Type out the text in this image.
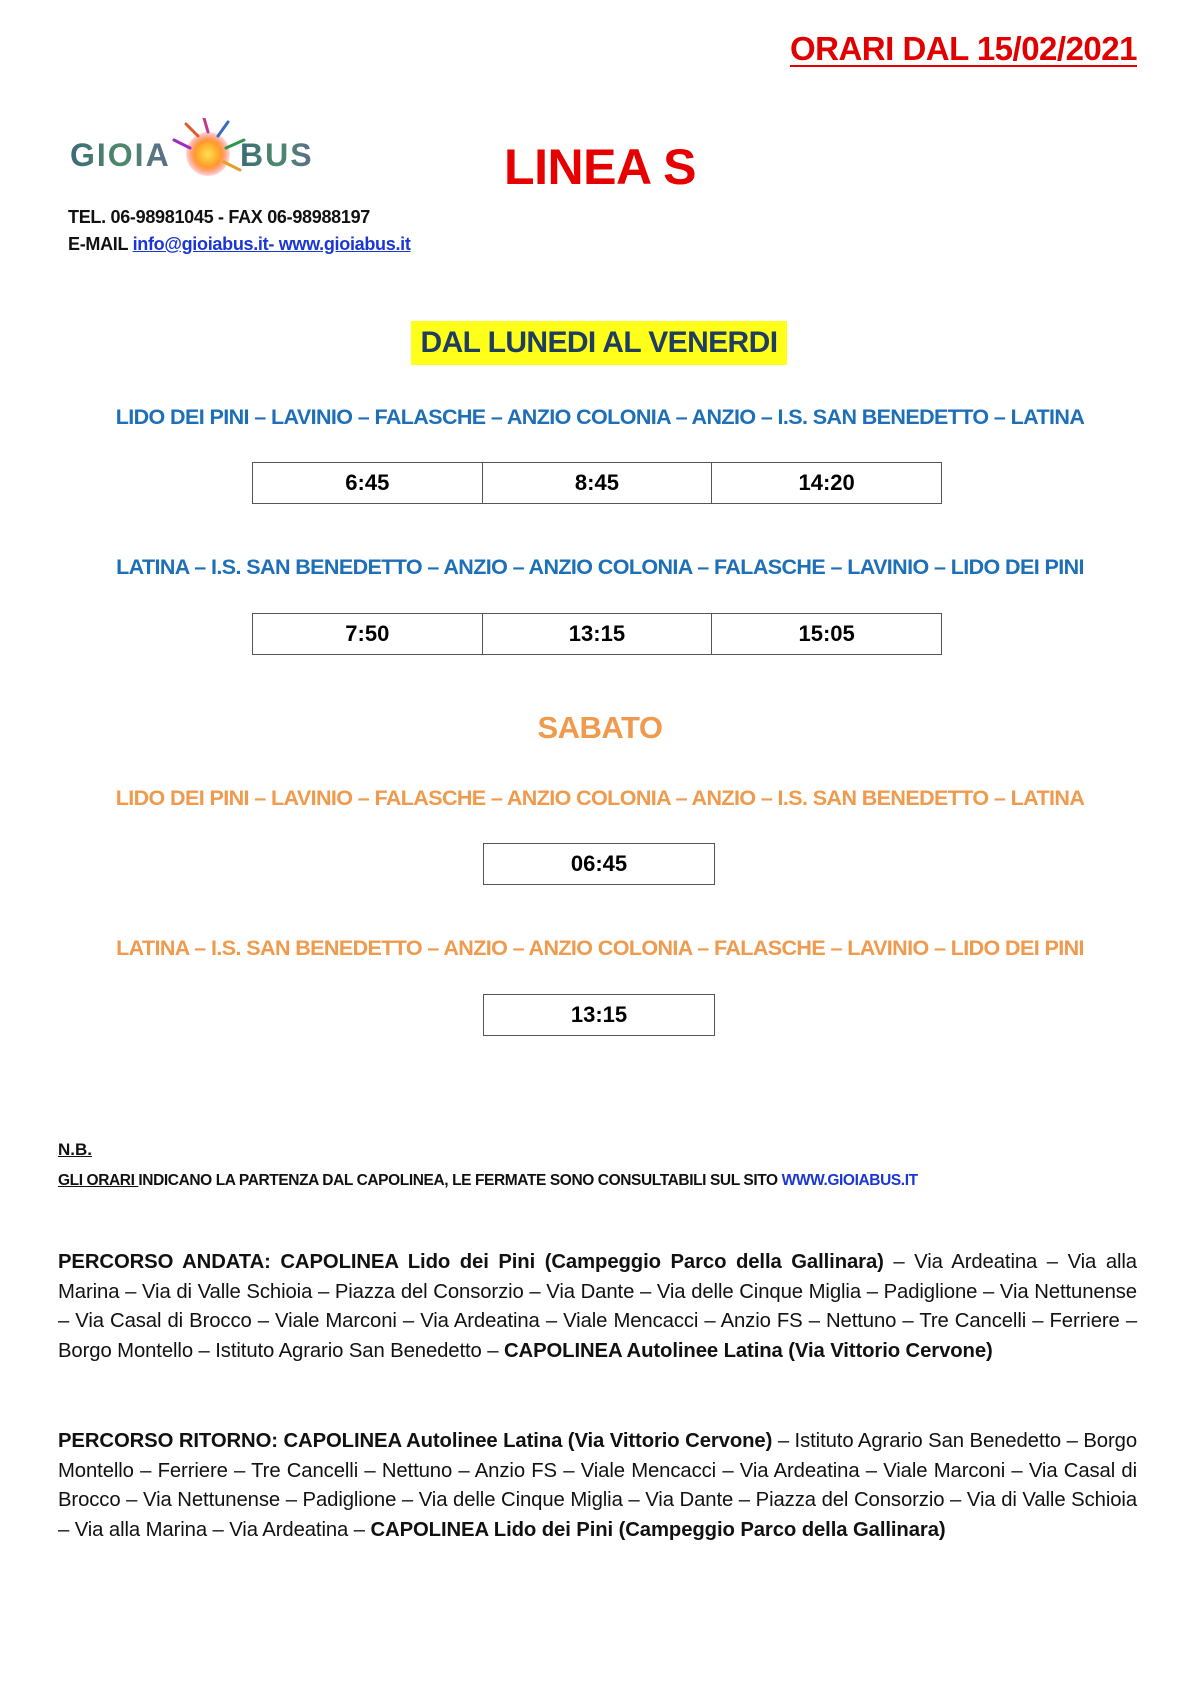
ORARI DAL 15/02/2021
GIOIA BUS	LINEA S
TEL. 06-98981045 - FAX 06-98988197
E-MAIL info@gioiabus.it- www.gioiabus.it
DAL LUNEDI AL VENERDI
LIDO DEI PINI – LAVINIO – FALASCHE – ANZIO COLONIA – ANZIO – I.S. SAN BENEDETTO – LATINA
6:45	8:45	14:20
LATINA – I.S. SAN BENEDETTO – ANZIO – ANZIO COLONIA – FALASCHE – LAVINIO – LIDO DEI PINI
7:50	13:15	15:05
SABATO
LIDO DEI PINI – LAVINIO – FALASCHE – ANZIO COLONIA – ANZIO – I.S. SAN BENEDETTO – LATINA
06:45
LATINA – I.S. SAN BENEDETTO – ANZIO – ANZIO COLONIA – FALASCHE – LAVINIO – LIDO DEI PINI
13:15
N.B.
GLI ORARI INDICANO LA PARTENZA DAL CAPOLINEA, LE FERMATE SONO CONSULTABILI SUL SITO WWW.GIOIABUS.IT
PERCORSO ANDATA: CAPOLINEA Lido dei Pini (Campeggio Parco della Gallinara) – Via Ardeatina – Via alla Marina – Via di Valle Schioia – Piazza del Consorzio – Via Dante – Via delle Cinque Miglia – Padiglione – Via Nettunense – Via Casal di Brocco – Viale Marconi – Via Ardeatina – Viale Mencacci – Anzio FS – Nettuno – Tre Cancelli – Ferriere – Borgo Montello – Istituto Agrario San Benedetto – CAPOLINEA Autolinee Latina (Via Vittorio Cervone)
PERCORSO RITORNO: CAPOLINEA Autolinee Latina (Via Vittorio Cervone) – Istituto Agrario San Benedetto – Borgo Montello – Ferriere – Tre Cancelli – Nettuno – Anzio FS – Viale Mencacci – Via Ardeatina – Viale Marconi – Via Casal di Brocco – Via Nettunense – Padiglione – Via delle Cinque Miglia – Via Dante – Piazza del Consorzio – Via di Valle Schioia – Via alla Marina – Via Ardeatina – CAPOLINEA Lido dei Pini (Campeggio Parco della Gallinara)
